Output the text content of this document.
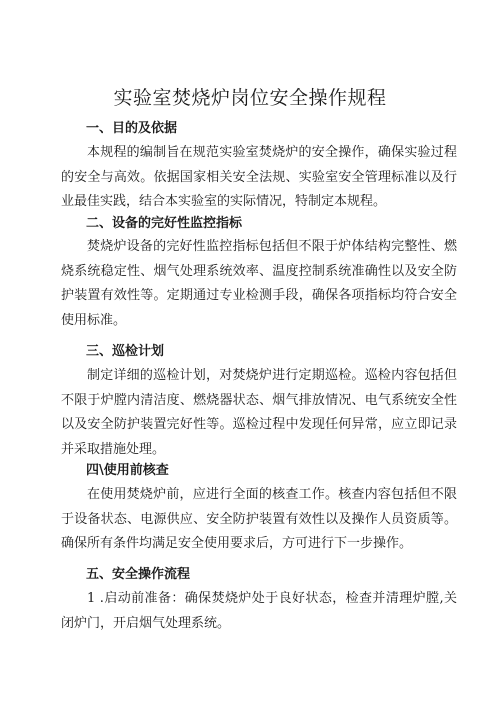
实验室焚烧炉岗位安全操作规程
一、目的及依据
本规程的编制旨在规范实验室焚烧炉的安全操作，确保实验过程的安全与高效。依据国家相关安全法规、实验室安全管理标准以及行业最佳实践，结合本实验室的实际情况，特制定本规程。
二、设备的完好性监控指标
焚烧炉设备的完好性监控指标包括但不限于炉体结构完整性、燃烧系统稳定性、烟气处理系统效率、温度控制系统准确性以及安全防护装置有效性等。定期通过专业检测手段，确保各项指标均符合安全使用标准。
三、巡检计划
制定详细的巡检计划，对焚烧炉进行定期巡检。巡检内容包括但不限于炉膛内清洁度、燃烧器状态、烟气排放情况、电气系统安全性以及安全防护装置完好性等。巡检过程中发现任何异常，应立即记录并采取措施处理。
四\使用前核查
在使用焚烧炉前，应进行全面的核查工作。核查内容包括但不限于设备状态、电源供应、安全防护装置有效性以及操作人员资质等。确保所有条件均满足安全使用要求后，方可进行下一步操作。
五、安全操作流程
1 .启动前准备：确保焚烧炉处于良好状态，检查并清理炉膛,关闭炉门，开启烟气处理系统。
